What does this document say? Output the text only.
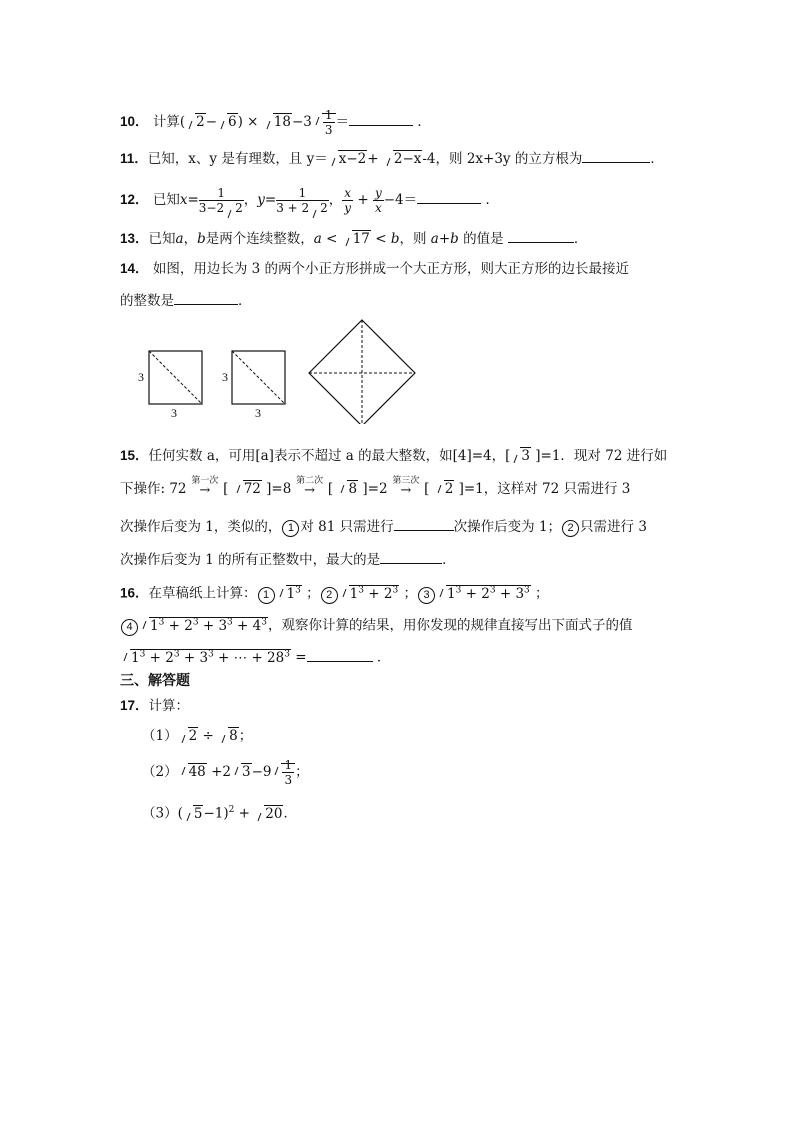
10． 计算( $2- 6) \times 18-3 \frac{1}{3}$ ＝	．
11．已知，x、y 是有理数，且 y＝ x−2+ 2−x-4，则 2x+3y 的立方根为	．
12． 已知$x= \frac{1}{3-2 2}$ ，$y= \frac{1}{3 + 2 2}$ ， $\frac{x}{y} + \frac{y}{x} -4=$	．
13．已知a，b是两个连续整数，a < 17 < b，则 a+b 的值是	．
14． 如图，用边长为 3 的两个小正方形拼成一个大正方形，则大正方形的边长最接近
的整数是	．
3
3
3
3
15．任何实数 a，可用[a]表示不超过 a 的最大整数，如[4]=4，[ 3 ]=1．现对 72 进行如
下操作: 72 第一次
→ [ 72 ]=8 第二次
→ [ 8 ]=2 第三次
→ [ 2 ]=1，这样对 72 只需进行 3
次操作后变为 1，类似的， 1 对 81 只需进行	次操作后变为 1； 2 只需进行 3
次操作后变为 1 的所有正整数中，最大的是	．
16．在草稿纸上计算： 1 $1^3$ ； 2 $1^3 + 2^3$ ； 3 $1^3 + 2^3 + 3^3$ ；
4 $1^3 + 2^3 + 3^3 + 4^3$，观察你计算的结果，用你发现的规律直接写出下面式子的值
$1^3 + 2^3 + 3^3$ + ⋯ + $28^3$ =	．
三、解答题
17．计算：
（1） 2 ÷ 8；
（2） 48 +2 $3-9 \frac{1}{3}$ ；
（3）( 5−1)$^2$ + 20．
